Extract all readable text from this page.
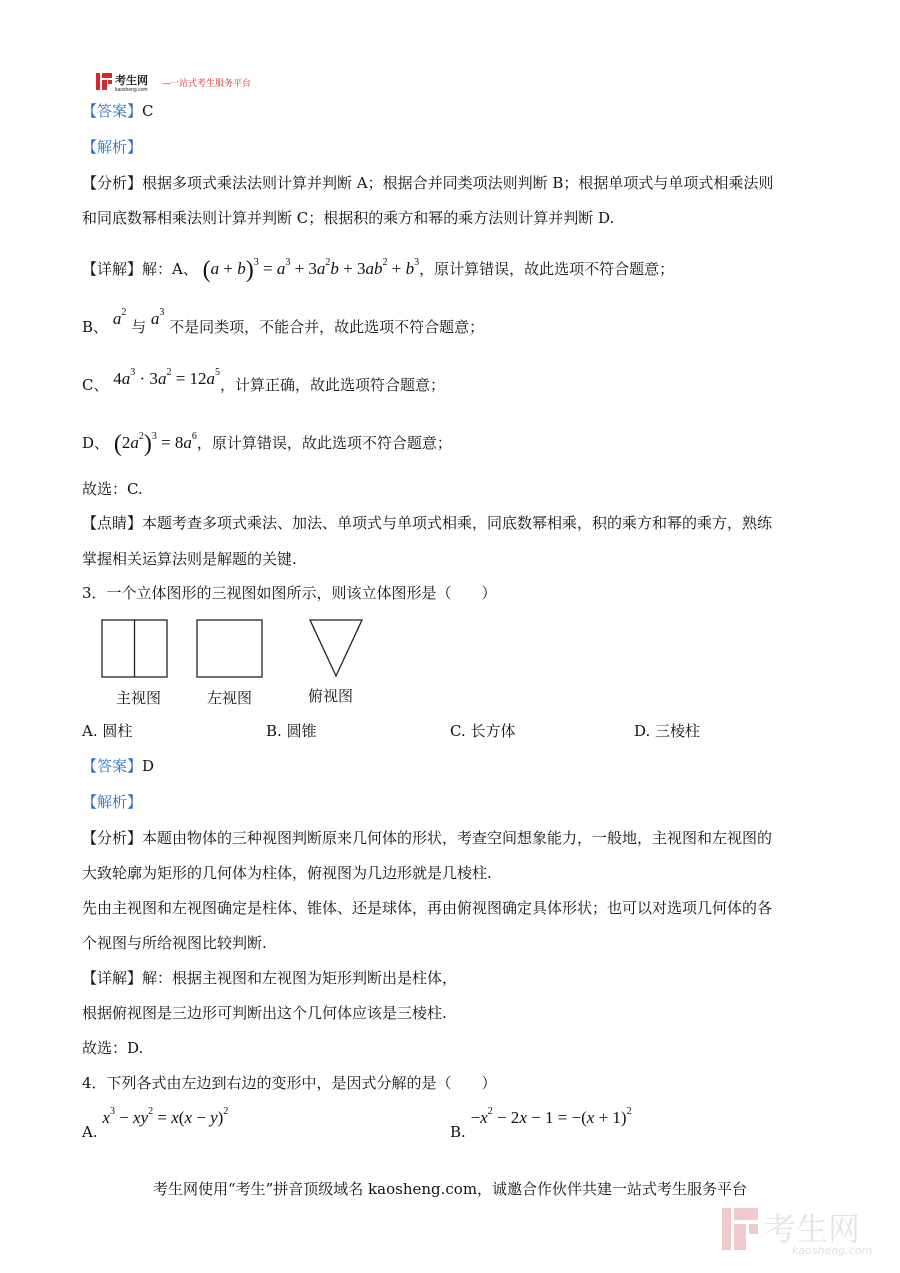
考生网
kaosheng.com
— 一站式考生服务平台
【答案】C
【解析】
【分析】根据多项式乘法法则计算并判断 A；根据合并同类项法则判断 B；根据单项式与单项式相乘法则
和同底数幂相乘法则计算并判断 C；根据积的乘方和幂的乘方法则计算并判断 D.
【详解】解：A、 $(a + b)^3 = a^3 + 3a^2b + 3ab^2 + b^3$，原计算错误，故此选项不符合题意；
B、 $a^2$ 与 $a^3$ 不是同类项，不能合并，故此选项不符合题意；
C、 $4a^3 \cdot 3a^2 = 12a^5$，计算正确，故此选项符合题意；
D、 $(2a^2)^3 = 8a^6$，原计算错误，故此选项不符合题意；
故选：C.
【点睛】本题考查多项式乘法、加法、单项式与单项式相乘，同底数幂相乘，积的乘方和幂的乘方，熟练
掌握相关运算法则是解题的关键.
3．一个立体图形的三视图如图所示，则该立体图形是（　　）
主视图	左视图	俯视图
A. 圆柱	B. 圆锥	C. 长方体	D. 三棱柱
【答案】D
【解析】
【分析】本题由物体的三种视图判断原来几何体的形状，考查空间想象能力，一般地，主视图和左视图的
大致轮廓为矩形的几何体为柱体，俯视图为几边形就是几棱柱.
先由主视图和左视图确定是柱体、锥体、还是球体，再由俯视图确定具体形状；也可以对选项几何体的各
个视图与所给视图比较判断.
【详解】解：根据主视图和左视图为矩形判断出是柱体，
根据俯视图是三边形可判断出这个几何体应该是三棱柱.
故选：D.
4．下列各式由左边到右边的变形中，是因式分解的是（　　）
A. $x^3 - xy^2 = x(x - y)^2$
B. $-x^2 - 2x - 1 = -(x + 1)^2$
考生网使用“考生”拼音顶级域名 kaosheng.com，诚邀合作伙伴共建一站式考生服务平台
考生网
kaosheng.com
